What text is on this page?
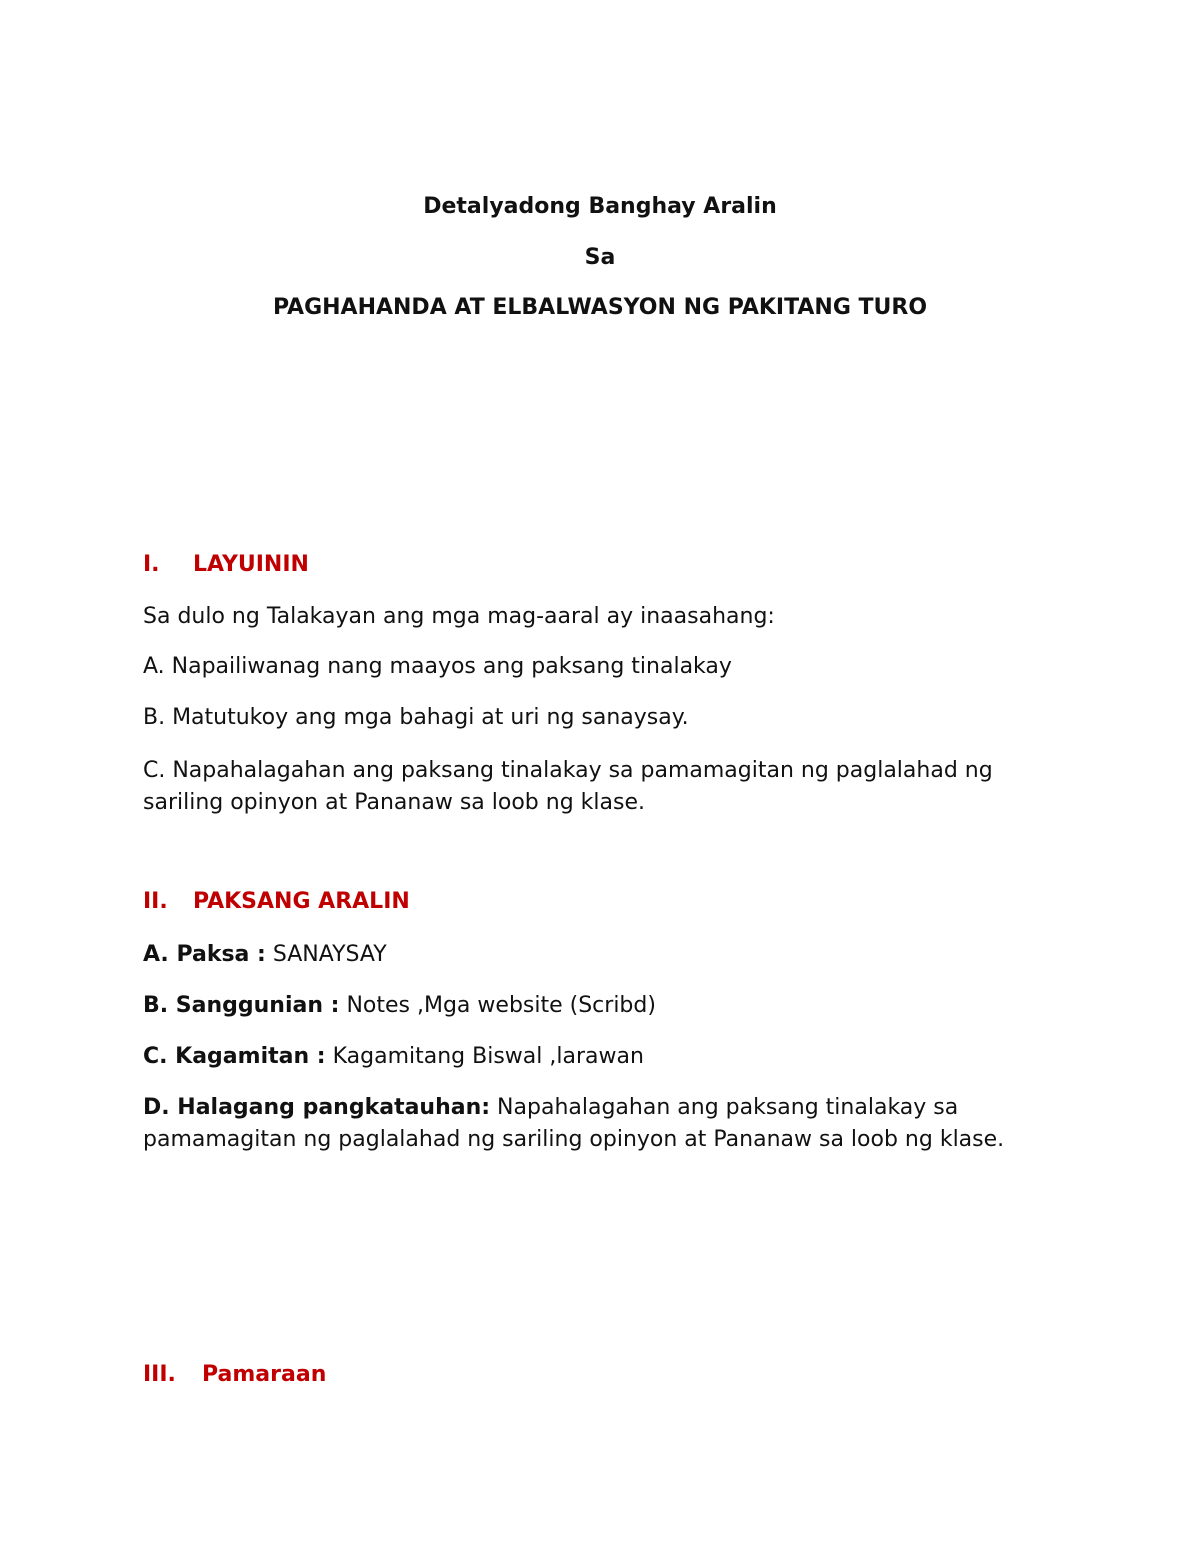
Detalyadong Banghay Aralin
Sa
PAGHAHANDA AT ELBALWASYON NG PAKITANG TURO
I. LAYUININ
Sa dulo ng Talakayan ang mga mag-aaral ay inaasahang:
A. Napailiwanag nang maayos ang paksang tinalakay
B. Matutukoy ang mga bahagi at uri ng sanaysay.
C. Napahalagahan ang paksang tinalakay sa pamamagitan ng paglalahad ng sariling opinyon at Pananaw sa loob ng klase.
II. PAKSANG ARALIN
A. Paksa : SANAYSAY
B. Sanggunian : Notes ,Mga website (Scribd)
C. Kagamitan : Kagamitang Biswal ,larawan
D. Halagang pangkatauhan: Napahalagahan ang paksang tinalakay sa pamamagitan ng paglalahad ng sariling opinyon at Pananaw sa loob ng klase.
III. Pamaraan
